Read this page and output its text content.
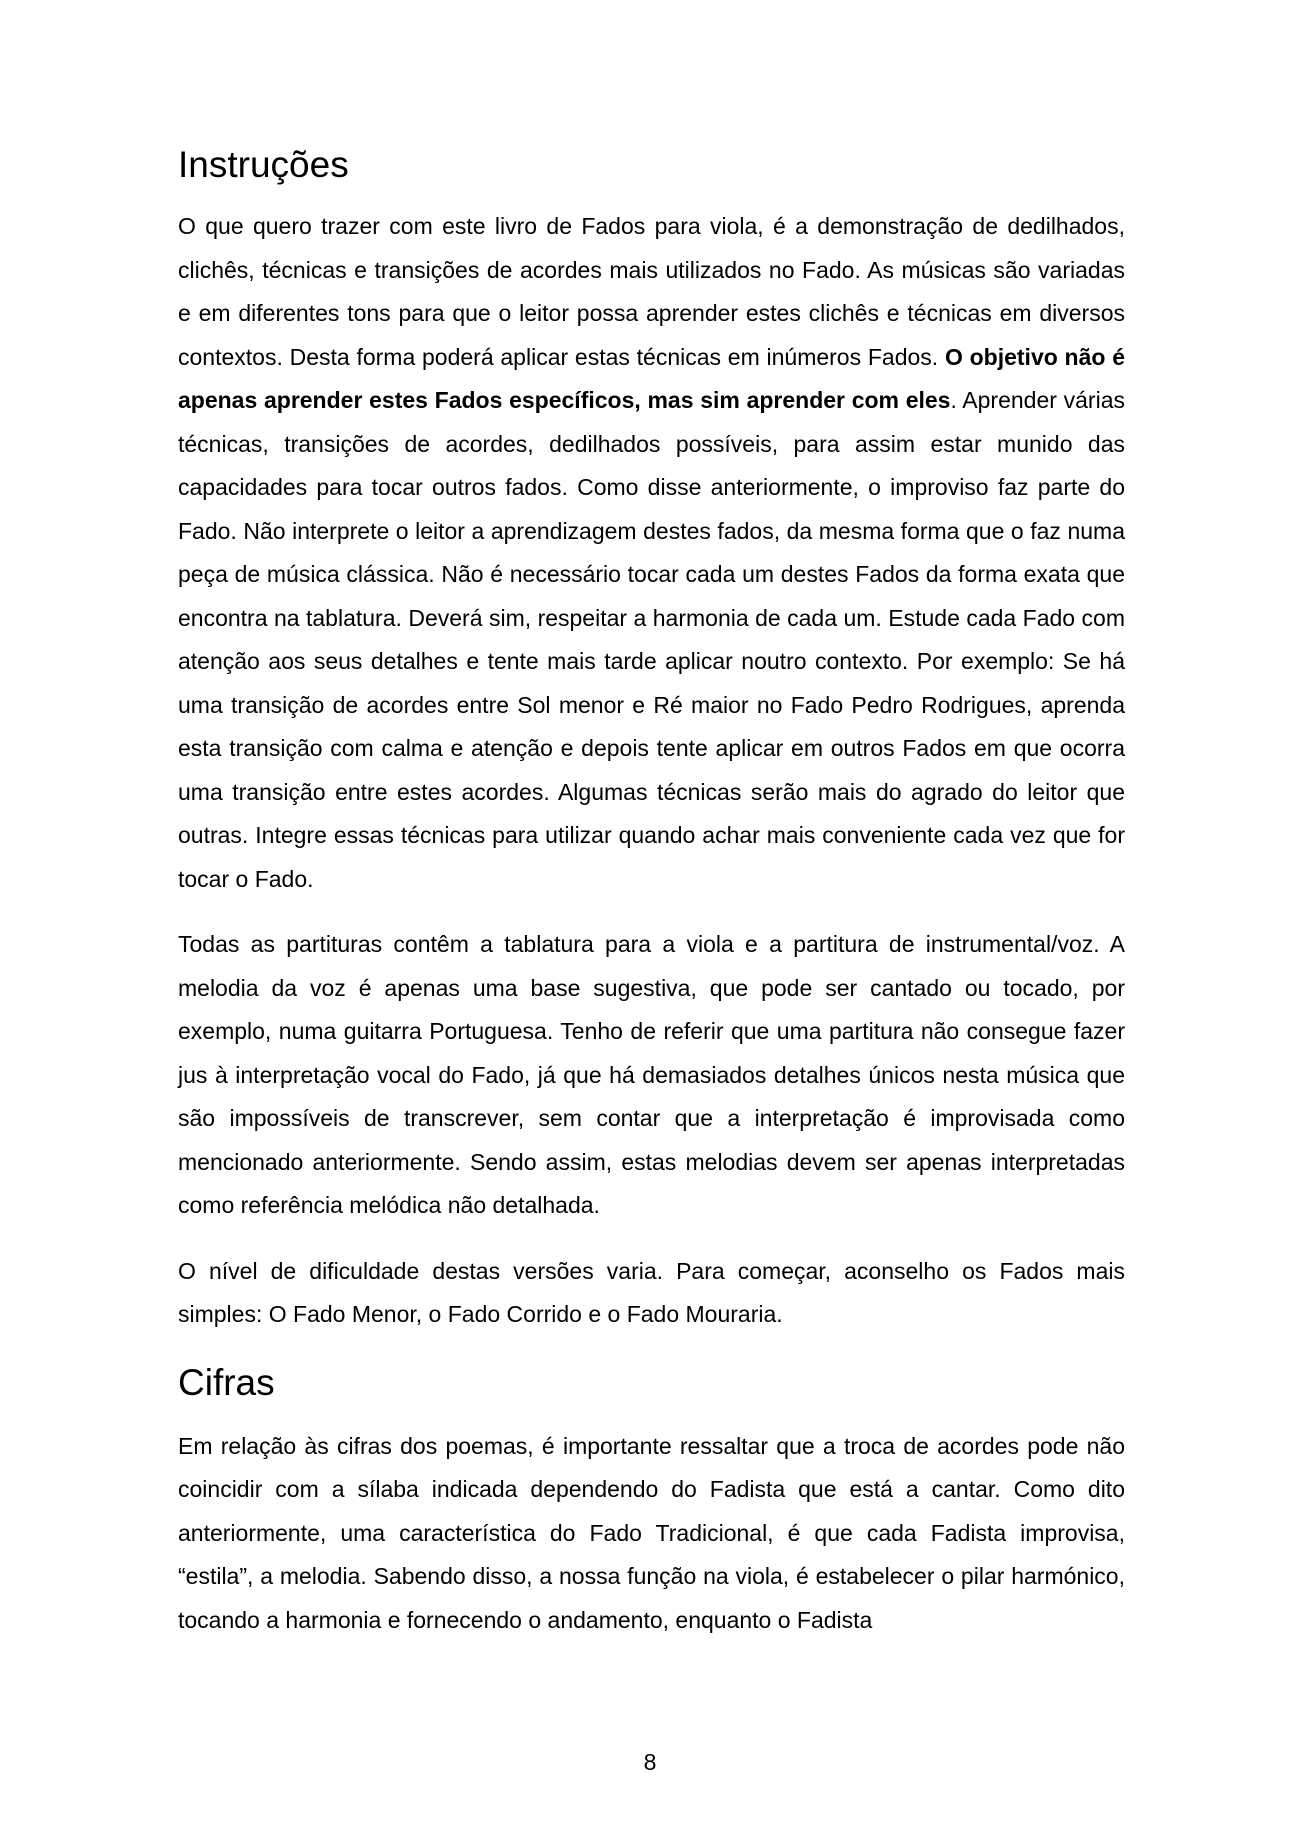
Instruções

O que quero trazer com este livro de Fados para viola, é a demonstração de dedilhados, clichês, técnicas e transições de acordes mais utilizados no Fado. As músicas são variadas e em diferentes tons para que o leitor possa aprender estes clichês e técnicas em diversos contextos. Desta forma poderá aplicar estas técnicas em inúmeros Fados. O objetivo não é apenas aprender estes Fados específicos, mas sim aprender com eles. Aprender várias técnicas, transições de acordes, dedilhados possíveis, para assim estar munido das capacidades para tocar outros fados. Como disse anteriormente, o improviso faz parte do Fado. Não interprete o leitor a aprendizagem destes fados, da mesma forma que o faz numa peça de música clássica. Não é necessário tocar cada um destes Fados da forma exata que encontra na tablatura. Deverá sim, respeitar a harmonia de cada um. Estude cada Fado com atenção aos seus detalhes e tente mais tarde aplicar noutro contexto. Por exemplo: Se há uma transição de acordes entre Sol menor e Ré maior no Fado Pedro Rodrigues, aprenda esta transição com calma e atenção e depois tente aplicar em outros Fados em que ocorra uma transição entre estes acordes. Algumas técnicas serão mais do agrado do leitor que outras. Integre essas técnicas para utilizar quando achar mais conveniente cada vez que for tocar o Fado.

Todas as partituras contêm a tablatura para a viola e a partitura de instrumental/voz. A melodia da voz é apenas uma base sugestiva, que pode ser cantado ou tocado, por exemplo, numa guitarra Portuguesa. Tenho de referir que uma partitura não consegue fazer jus à interpretação vocal do Fado, já que há demasiados detalhes únicos nesta música que são impossíveis de transcrever, sem contar que a interpretação é improvisada como mencionado anteriormente. Sendo assim, estas melodias devem ser apenas interpretadas como referência melódica não detalhada.

O nível de dificuldade destas versões varia. Para começar, aconselho os Fados mais simples: O Fado Menor, o Fado Corrido e o Fado Mouraria.

Cifras

Em relação às cifras dos poemas, é importante ressaltar que a troca de acordes pode não coincidir com a sílaba indicada dependendo do Fadista que está a cantar. Como dito anteriormente, uma característica do Fado Tradicional, é que cada Fadista improvisa, “estila”, a melodia. Sabendo disso, a nossa função na viola, é estabelecer o pilar harmónico, tocando a harmonia e fornecendo o andamento, enquanto o Fadista

8
